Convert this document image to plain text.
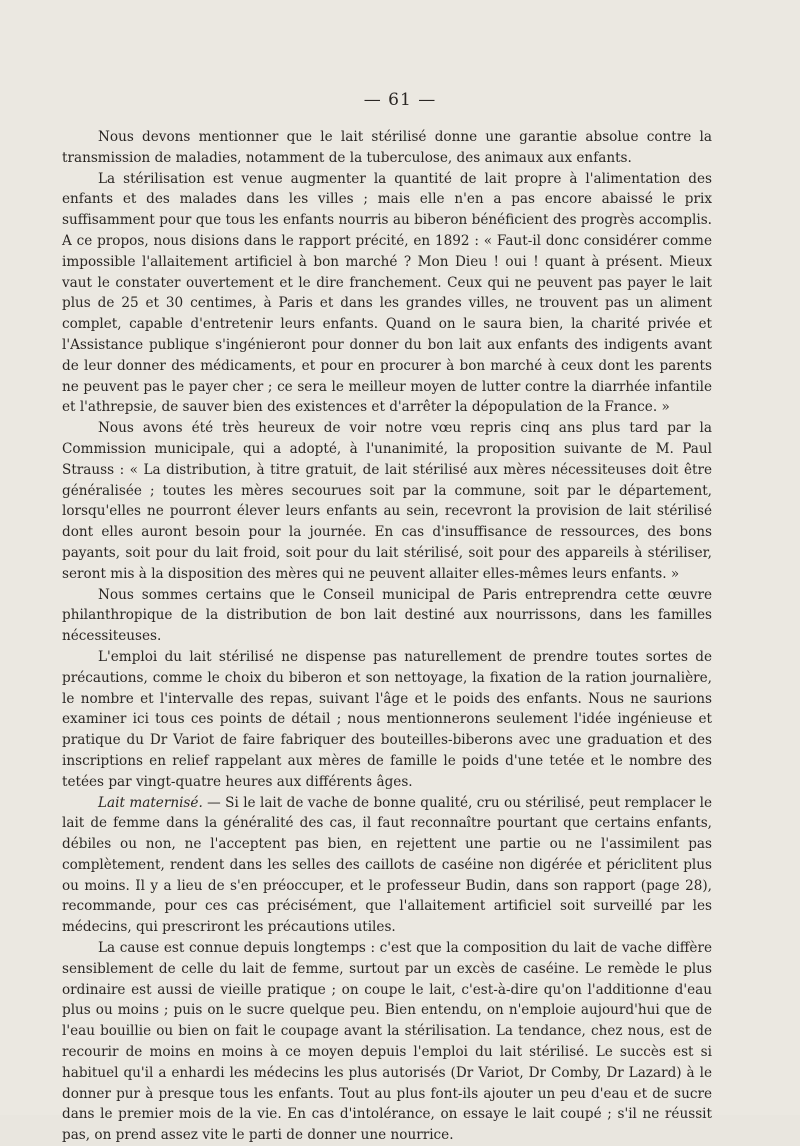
— 61 —

Nous devons mentionner que le lait stérilisé donne une garantie absolue contre la transmission de maladies, notamment de la tuberculose, des animaux aux enfants.

La stérilisation est venue augmenter la quantité de lait propre à l'alimentation des enfants et des malades dans les villes ; mais elle n'en a pas encore abaissé le prix suffisamment pour que tous les enfants nourris au biberon bénéficient des progrès accomplis. A ce propos, nous disions dans le rapport précité, en 1892 : « Faut-il donc considérer comme impossible l'allaitement artificiel à bon marché ? Mon Dieu ! oui ! quant à présent. Mieux vaut le constater ouvertement et le dire franchement. Ceux qui ne peuvent pas payer le lait plus de 25 et 30 centimes, à Paris et dans les grandes villes, ne trouvent pas un aliment complet, capable d'entretenir leurs enfants. Quand on le saura bien, la charité privée et l'Assistance publique s'ingénieront pour donner du bon lait aux enfants des indigents avant de leur donner des médicaments, et pour en procurer à bon marché à ceux dont les parents ne peuvent pas le payer cher ; ce sera le meilleur moyen de lutter contre la diarrhée infantile et l'athrepsie, de sauver bien des existences et d'arrêter la dépopulation de la France. »

Nous avons été très heureux de voir notre vœu repris cinq ans plus tard par la Commission municipale, qui a adopté, à l'unanimité, la proposition suivante de M. Paul Strauss : « La distribution, à titre gratuit, de lait stérilisé aux mères nécessiteuses doit être généralisée ; toutes les mères secourues soit par la commune, soit par le département, lorsqu'elles ne pourront élever leurs enfants au sein, recevront la provision de lait stérilisé dont elles auront besoin pour la journée. En cas d'insuffisance de ressources, des bons payants, soit pour du lait froid, soit pour du lait stérilisé, soit pour des appareils à stériliser, seront mis à la disposition des mères qui ne peuvent allaiter elles-mêmes leurs enfants. »

Nous sommes certains que le Conseil municipal de Paris entreprendra cette œuvre philanthropique de la distribution de bon lait destiné aux nourrissons, dans les familles nécessiteuses.

L'emploi du lait stérilisé ne dispense pas naturellement de prendre toutes sortes de précautions, comme le choix du biberon et son nettoyage, la fixation de la ration journalière, le nombre et l'intervalle des repas, suivant l'âge et le poids des enfants. Nous ne saurions examiner ici tous ces points de détail ; nous mentionnerons seulement l'idée ingénieuse et pratique du Dr Variot de faire fabriquer des bouteilles-biberons avec une graduation et des inscriptions en relief rappelant aux mères de famille le poids d'une tetée et le nombre des tetées par vingt-quatre heures aux différents âges.

Lait maternisé. — Si le lait de vache de bonne qualité, cru ou stérilisé, peut remplacer le lait de femme dans la généralité des cas, il faut reconnaître pourtant que certains enfants, débiles ou non, ne l'acceptent pas bien, en rejettent une partie ou ne l'assimilent pas complètement, rendent dans les selles des caillots de caséine non digérée et périclitent plus ou moins. Il y a lieu de s'en préoccuper, et le professeur Budin, dans son rapport (page 28), recommande, pour ces cas précisément, que l'allaitement artificiel soit surveillé par les médecins, qui prescriront les précautions utiles.

La cause est connue depuis longtemps : c'est que la composition du lait de vache diffère sensiblement de celle du lait de femme, surtout par un excès de caséine. Le remède le plus ordinaire est aussi de vieille pratique ; on coupe le lait, c'est-à-dire qu'on l'additionne d'eau plus ou moins ; puis on le sucre quelque peu. Bien entendu, on n'emploie aujourd'hui que de l'eau bouillie ou bien on fait le coupage avant la stérilisation. La tendance, chez nous, est de recourir de moins en moins à ce moyen depuis l'emploi du lait stérilisé. Le succès est si habituel qu'il a enhardi les médecins les plus autorisés (Dr Variot, Dr Comby, Dr Lazard) à le donner pur à presque tous les enfants. Tout au plus font-ils ajouter un peu d'eau et de sucre dans le premier mois de la vie. En cas d'intolérance, on essaye le lait coupé ; s'il ne réussit pas, on prend assez vite le parti de donner une nourrice.
